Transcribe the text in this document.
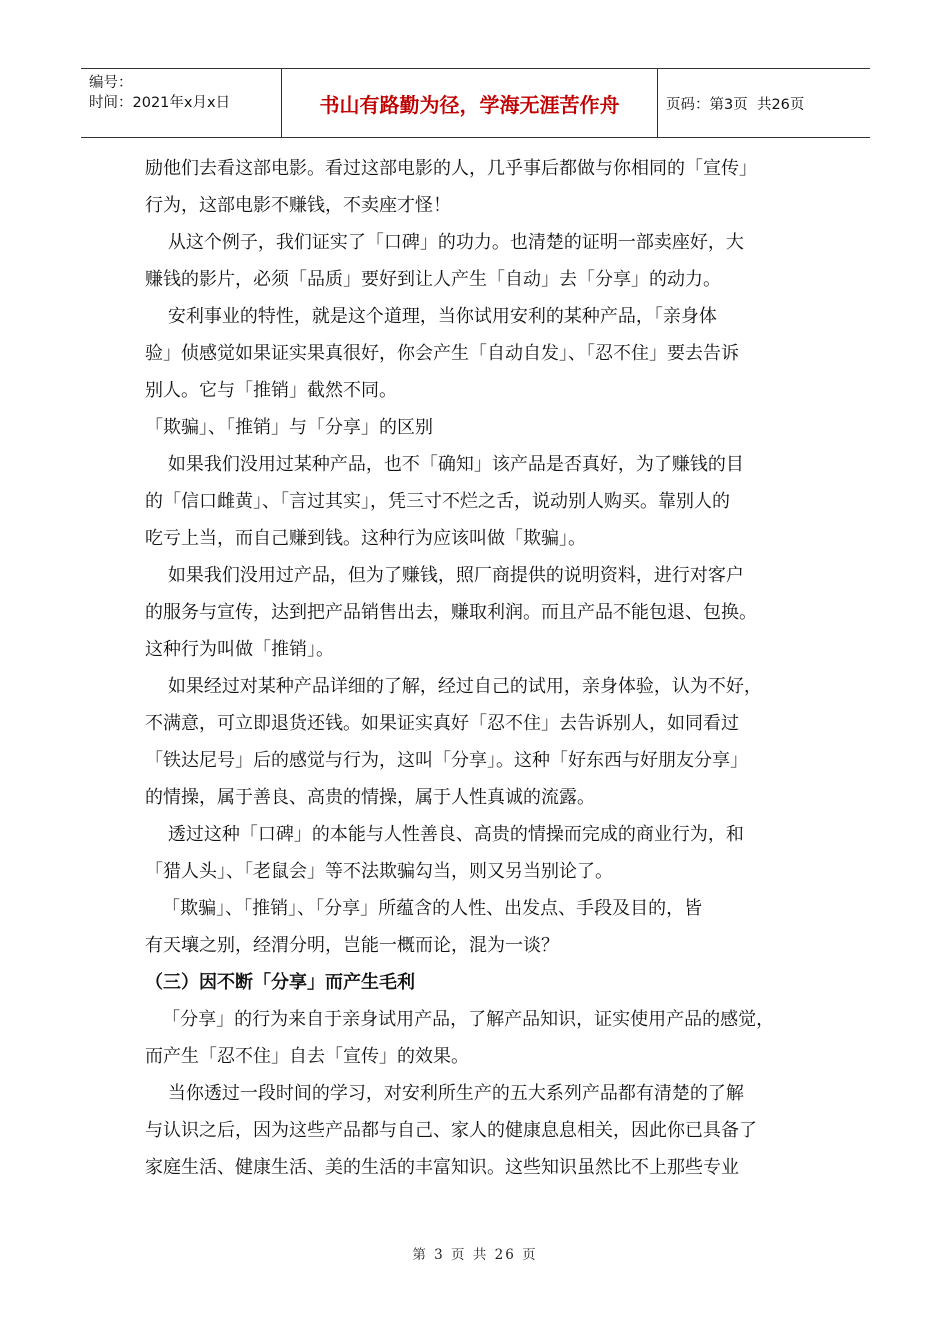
编号：
时间：2021年x月x日	书山有路勤为径，学海无涯苦作舟	页码：第3页  共26页
励他们去看这部电影。看过这部电影的人，几乎事后都做与你相同的「宣传」
行为，这部电影不赚钱，不卖座才怪！
从这个例子，我们证实了「口碑」的功力。也清楚的证明一部卖座好，大
赚钱的影片，必须「品质」要好到让人产生「自动」去「分享」的动力。
安利事业的特性，就是这个道理，当你试用安利的某种产品，「亲身体
验」侦感觉如果证实果真很好，你会产生「自动自发」、「忍不住」要去告诉
别人。它与「推销」截然不同。
「欺骗」、「推销」与「分享」的区别
如果我们没用过某种产品，也不「确知」该产品是否真好，为了赚钱的目
的「信口雌黄」、「言过其实」，凭三寸不烂之舌，说动别人购买。靠别人的
吃亏上当，而自己赚到钱。这种行为应该叫做「欺骗」。
如果我们没用过产品，但为了赚钱，照厂商提供的说明资料，进行对客户
的服务与宣传，达到把产品销售出去，赚取利润。而且产品不能包退、包换。
这种行为叫做「推销」。
如果经过对某种产品详细的了解，经过自己的试用，亲身体验，认为不好，
不满意，可立即退货还钱。如果证实真好「忍不住」去告诉别人，如同看过
「铁达尼号」后的感觉与行为，这叫「分享」。这种「好东西与好朋友分享」
的情操，属于善良、高贵的情操，属于人性真诚的流露。
透过这种「口碑」的本能与人性善良、高贵的情操而完成的商业行为，和
「猎人头」、「老鼠会」等不法欺骗勾当，则又另当别论了。
「欺骗」、「推销」、「分享」所蕴含的人性、出发点、手段及目的，皆
有天壤之别，经渭分明，岂能一概而论，混为一谈？
（三）因不断「分享」而产生毛利
「分享」的行为来自于亲身试用产品，了解产品知识，证实使用产品的感觉，
而产生「忍不住」自去「宣传」的效果。
当你透过一段时间的学习，对安利所生产的五大系列产品都有清楚的了解
与认识之后，因为这些产品都与自己、家人的健康息息相关，因此你已具备了
家庭生活、健康生活、美的生活的丰富知识。这些知识虽然比不上那些专业
第 3 页 共 26 页
